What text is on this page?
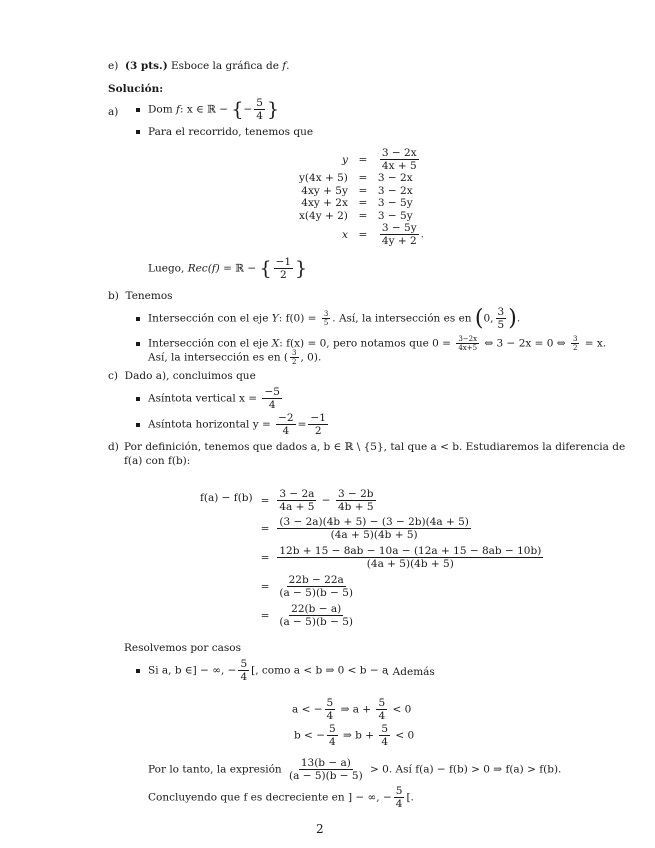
e) (3 pts.) Esboce la gráfica de f.
Solución:
a)	Dom f: x ∈ ℝ − {− $\frac{5}{4}$ }
Para el recorrido, tenemos que
y	=	$\frac{3 - 2x}{4x + 5}$

y(4x + 5)	=	3 − 2x
4xy + 5y	=	3 − 2x
4xy + 2x	=	3 − 5y
x(4y + 2)	=	3 − 5y
x	=	$\frac{3 - 5y}{4y + 2}$ .
Luego, Rec(f) = ℝ − { $\frac{-1}{2}$ }
b) Tenemos
Intersección con el eje Y: $f(0) = \frac{3}{5}$ . Así, la intersección es en (0, $\frac{3}{5}$ ).
Intersección con el eje X: f(x) = 0, pero notamos que $0 = \frac{3-2x}{4x+5}$ ⇔ 3 − 2x = 0 ⇔ $\frac{3}{2} = x$.
Así, la intersección es en ( $\frac{3}{2}$ , 0).
c) Dado a), concluimos que
Asíntota vertical $x = \frac{-5}{4}$
Asíntota horizontal $y = \frac{-2}{4} = \frac{-1}{2}$
d) Por definición, tenemos que dados a, b ∈ ℝ \ {5}, tal que a < b. Estudiaremos la diferencia de
f(a) con f(b):
$f(a) - f(b) = \frac{3 - 2a}{4a + 5} - \frac{3 - 2b}{4b + 5}$
= $\frac{(3 - 2a)(4b + 5) - (3 - 2b)(4a + 5)}{(4a + 5)(4b + 5)}$
= $\frac{12b + 15 - 8ab - 10a - (12a + 15 - 8ab - 10b)}{(4a + 5)(4b + 5)}$
= $\frac{22b - 22a}{(a - 5)(b - 5)}$
= $\frac{22(b - a)}{(a - 5)(b - 5)}$
Resolvemos por casos
Si a, b ∈] − ∞, − $\frac{5}{4}$ [, como a < b ⇒ 0 < b − a
. Además
a < − $\frac{5}{4}$ ⇒ $a + \frac{5}{4} < 0$
b < − $\frac{5}{4}$ ⇒ $b + \frac{5}{4} < 0$
Por lo tanto, la expresión $\frac{13(b - a)}{(a - 5)(b - 5)} > 0$. Así f(a) − f(b) > 0 ⇒ f(a) > f(b).
Concluyendo que f es decreciente en ] − ∞, − $\frac{5}{4}$ [.
2
